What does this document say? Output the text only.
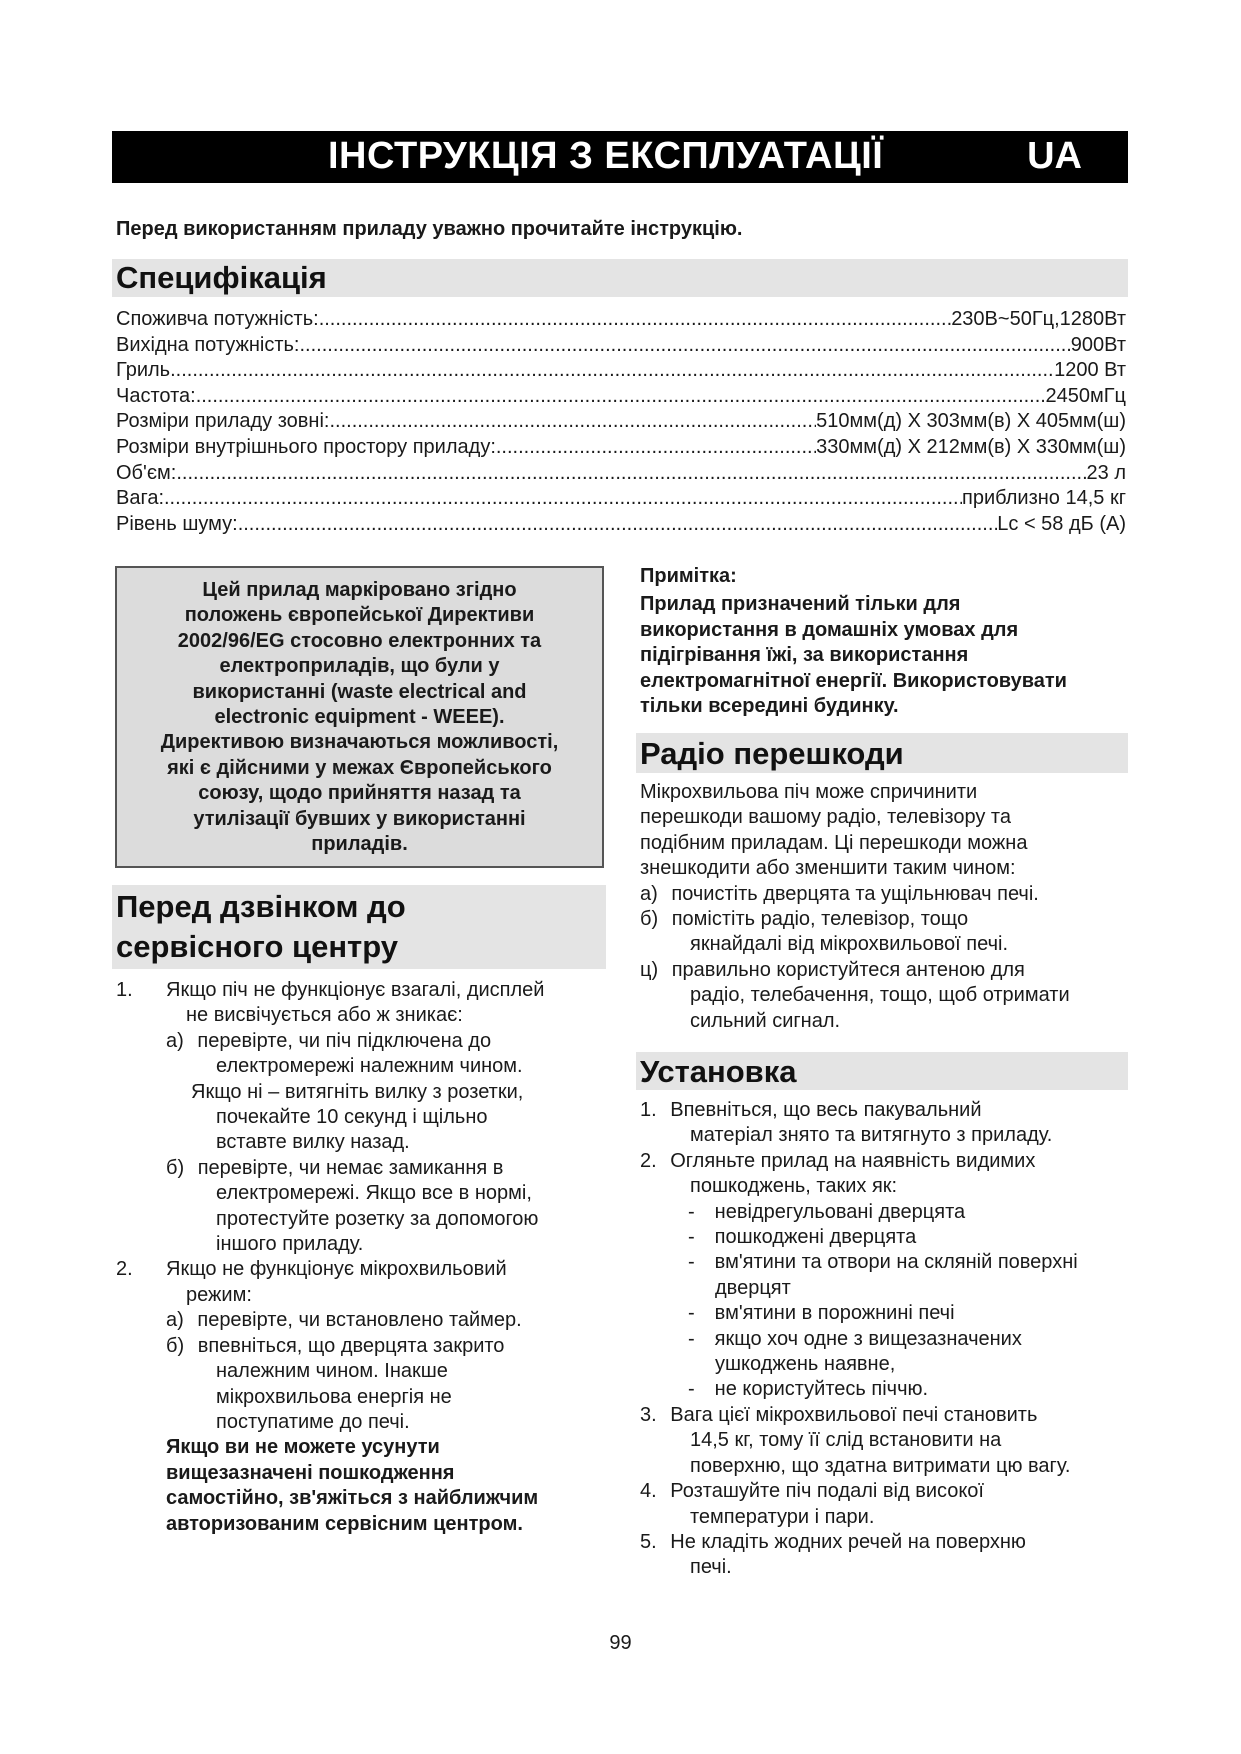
ІНСТРУКЦІЯ З ЕКСПЛУАТАЦІЇ	UA
Перед використанням приладу уважно прочитайте інструкцію.
Специфікація
Споживча потужність: .....	230В~50Гц,1280Вт
Вихідна потужність: .....	900Вт
Гриль .....	1200 Вт
Частота: .....	2450мГц
Розміри приладу зовні: .....	510мм(д) Х 303мм(в) Х 405мм(ш)
Розміри внутрішнього простору приладу: .....	330мм(д) Х 212мм(в) Х 330мм(ш)
Об'єм: .....	23 л
Вага: .....	приблизно 14,5 кг
Рівень шуму: .....	Lc < 58 дБ (А)
Цей прилад маркіровано згідно
положень європейської Директиви
2002/96/EG стосовно електронних та
електроприладів, що були у
використанні (waste electrical and
electronic equipment - WEEE).
Директивою визначаються можливості,
які є дійсними у межах Європейського
союзу, щодо прийняття назад та
утилізації бувших у використанні
приладів.
Перед дзвінком до
сервісного центру
1. Якщо піч не функціонує взагалі, дисплей
не висвічується або ж зникає:
а) перевірте, чи піч підключена до
електромережі належним чином.
Якщо ні – витягніть вилку з розетки,
почекайте 10 секунд і щільно
вставте вилку назад.
б) перевірте, чи немає замикання в
електромережі. Якщо все в нормі,
протестуйте розетку за допомогою
іншого приладу.
2. Якщо не функціонує мікрохвильовий
режим:
а) перевірте, чи встановлено таймер.
б) впевніться, що дверцята закрито
належним чином. Інакше
мікрохвильова енергія не
поступатиме до печі.
Якщо ви не можете усунути
вищезазначені пошкодження
самостійно, зв'яжіться з найближчим
авторизованим сервісним центром.
Примітка:
Прилад призначений тільки для
використання в домашніх умовах для
підігрівання їжі, за використання
електромагнітної енергії. Використовувати
тільки всередині будинку.
Радіо перешкоди
Мікрохвильова піч може спричинити
перешкоди вашому радіо, телевізору та
подібним приладам. Ці перешкоди можна
знешкодити або зменшити таким чином:
а) почистіть дверцята та ущільнювач печі.
б) помістіть радіо, телевізор, тощо
якнайдалі від мікрохвильової печі.
ц) правильно користуйтеся антеною для
радіо, телебачення, тощо, щоб отримати
сильний сигнал.
Установка
1. Впевніться, що весь пакувальний
матеріал знято та витягнуто з приладу.
2. Огляньте прилад на наявність видимих
пошкоджень, таких як:
- невідрегульовані дверцята
- пошкоджені дверцята
- вм'ятини та отвори на скляній поверхні
дверцят
- вм'ятини в порожнині печі
- якщо хоч одне з вищезазначених
ушкоджень наявне,
- не користуйтесь піччю.
3. Вага цієї мікрохвильової печі становить
14,5 кг, тому її слід встановити на
поверхню, що здатна витримати цю вагу.
4. Розташуйте піч подалі від високої
температури і пари.
5. Не кладіть жодних речей на поверхню
печі.
99
